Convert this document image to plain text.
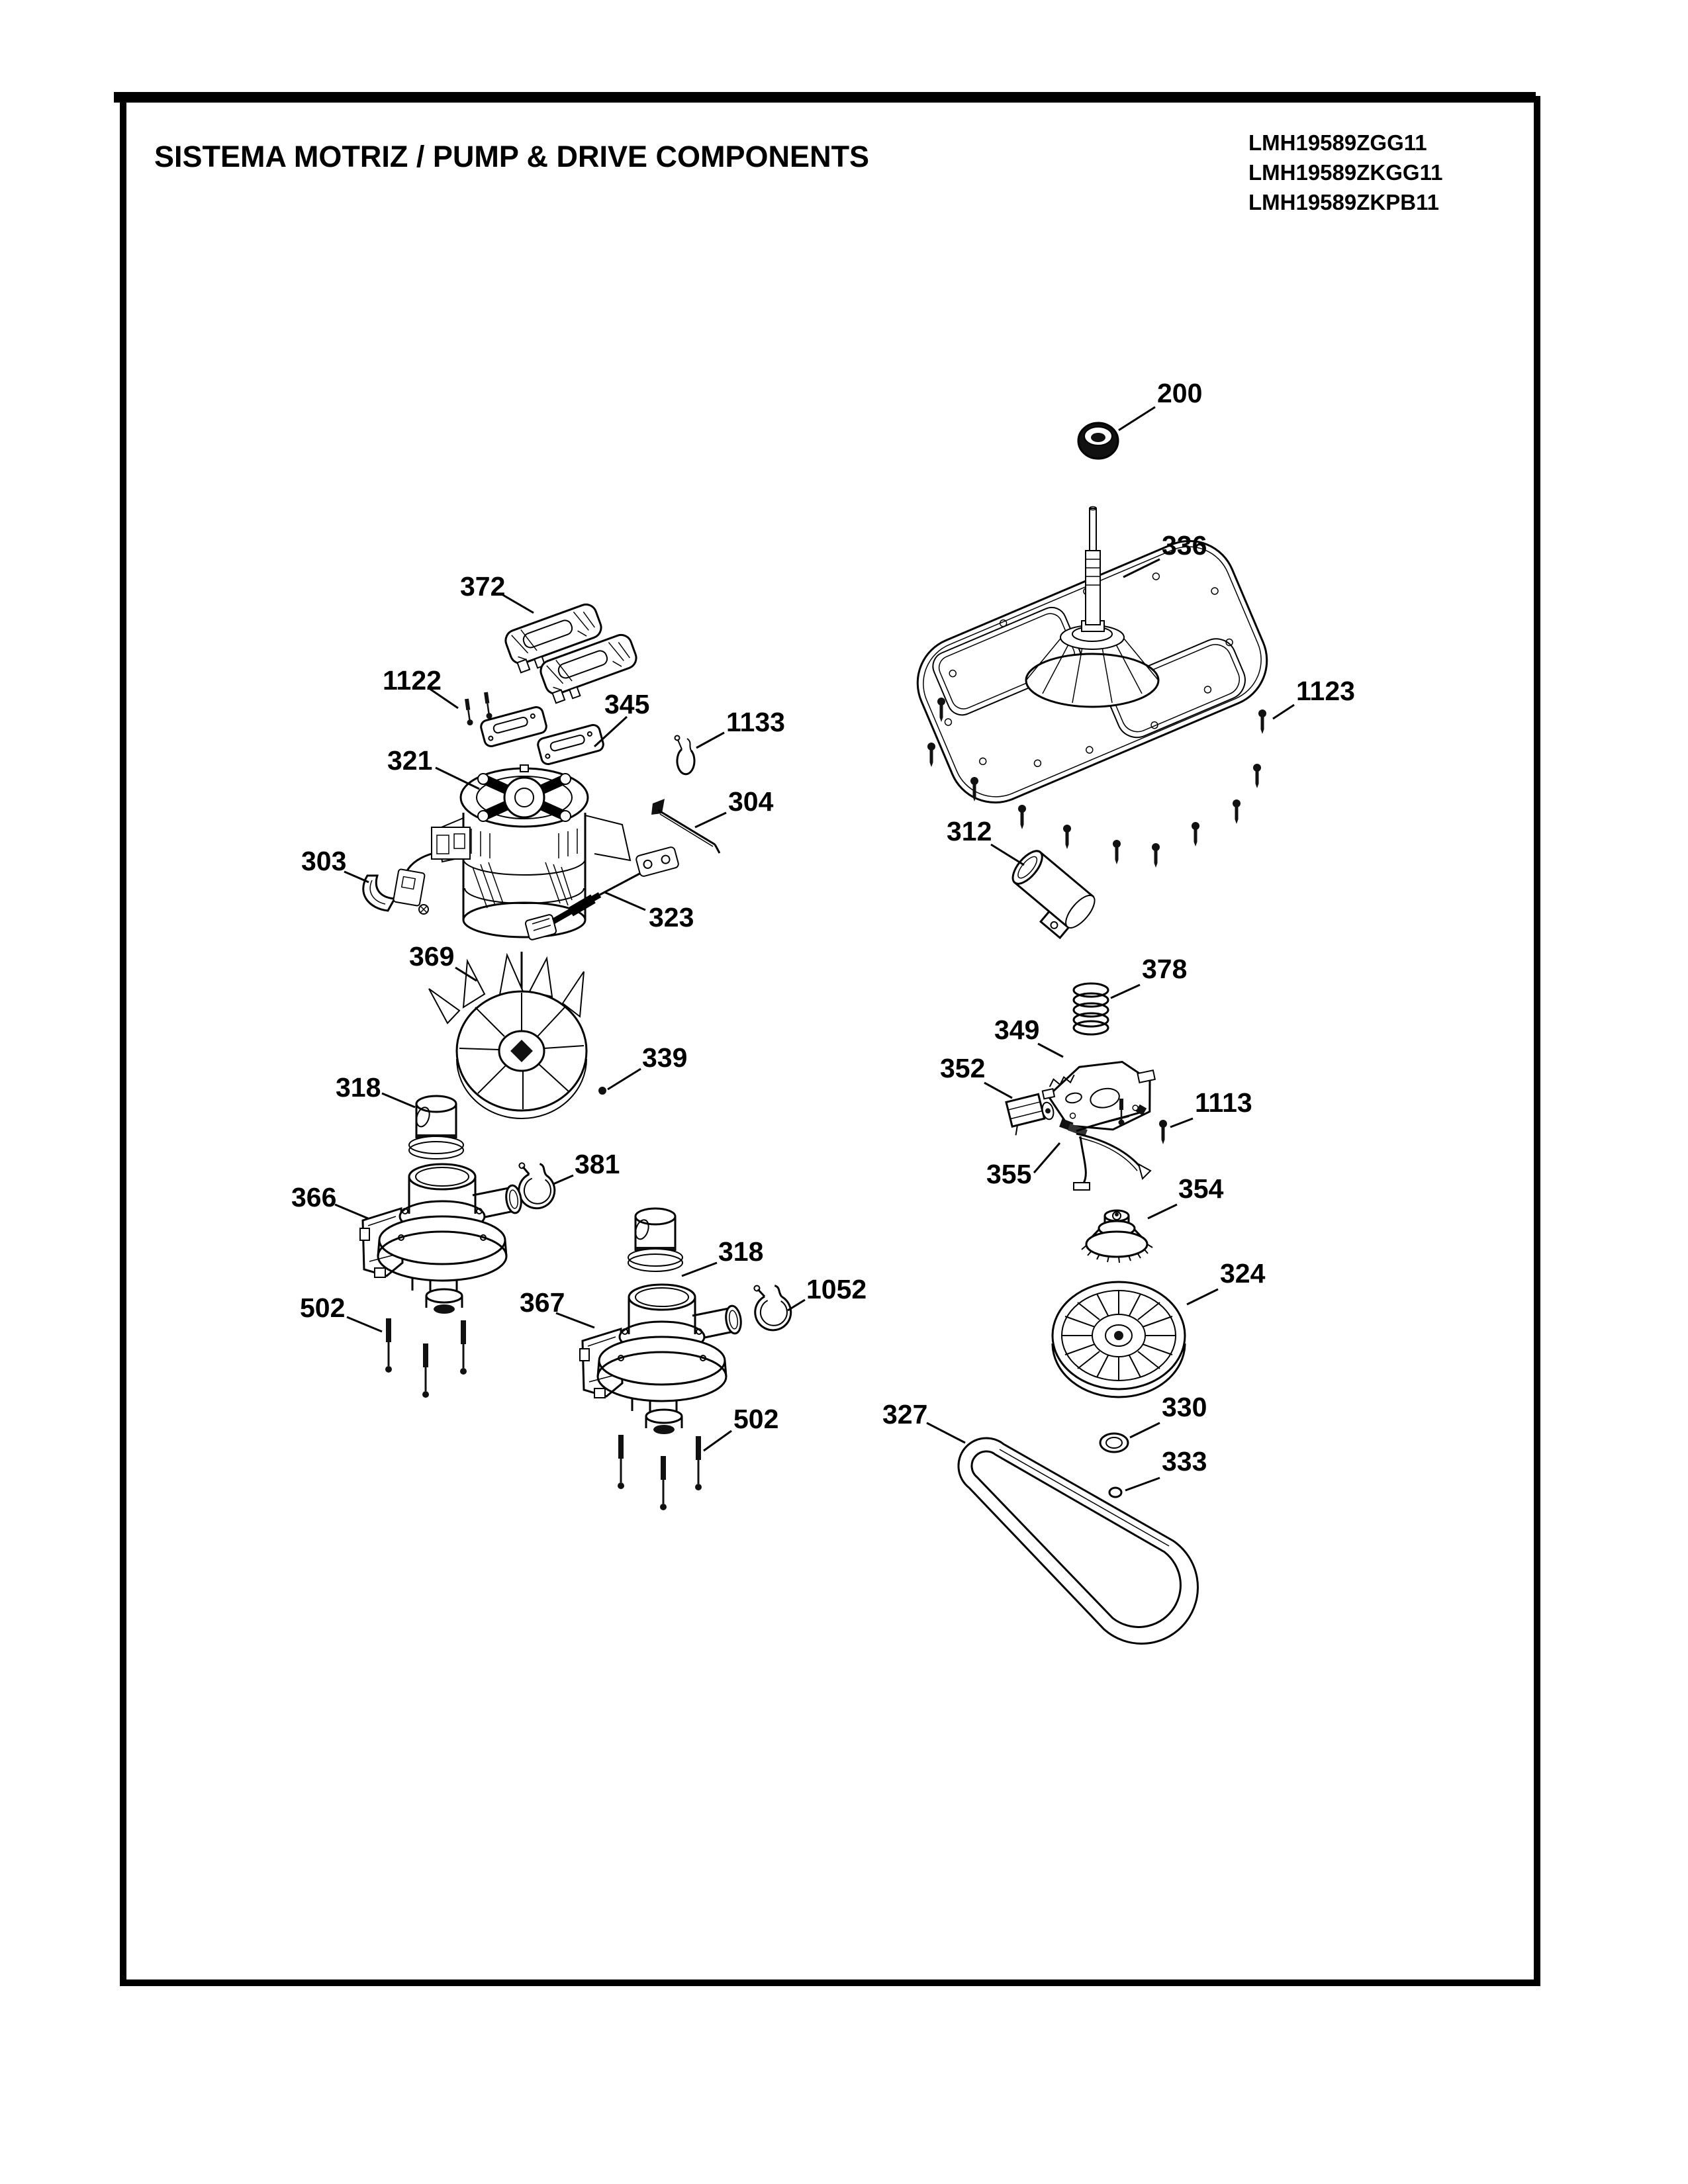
SISTEMA MOTRIZ / PUMP & DRIVE COMPONENTS	LMH19589ZGG11
LMH19589ZKGG11
LMH19589ZKPB11
200
336
1123
312
378
349
352
1113
355	354
324
330
333
327
372
1122
345
1133
321
304
303
323
369
339
318
381
366
318
502	367	1052
502
